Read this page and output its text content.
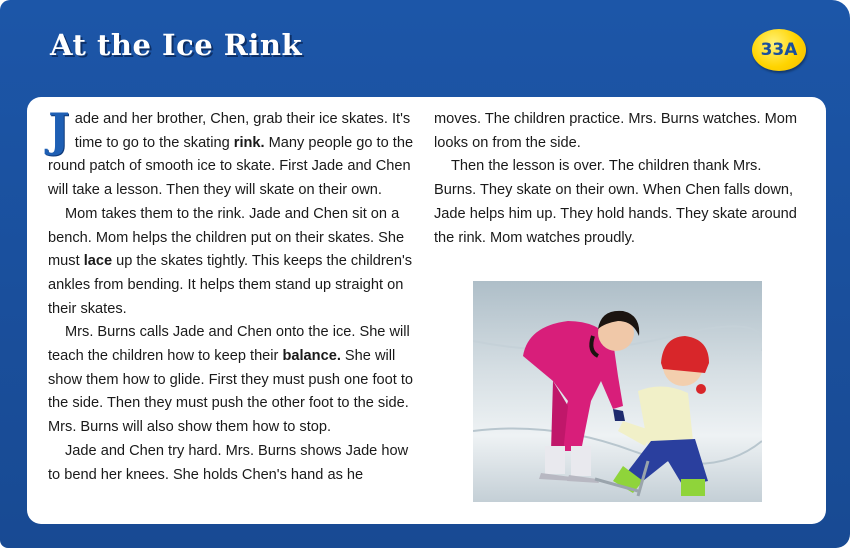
At the Ice Rink	33A

Jade and her brother, Chen, grab their ice skates. It's time to go to the skating rink. Many people go to the round patch of smooth ice to skate. First Jade and Chen will take a lesson. Then they will skate on their own.

Mom takes them to the rink. Jade and Chen sit on a bench. Mom helps the children put on their skates. She must lace up the skates tightly. This keeps the children's ankles from bending. It helps them stand up straight on their skates.

Mrs. Burns calls Jade and Chen onto the ice. She will teach the children how to keep their balance. She will show them how to glide. First they must push one foot to the side. Then they must push the other foot to the side. Mrs. Burns will also show them how to stop.

Jade and Chen try hard. Mrs. Burns shows Jade how to bend her knees. She holds Chen's hand as he

moves. The children practice. Mrs. Burns watches. Mom looks on from the side.

Then the lesson is over. The children thank Mrs. Burns. They skate on their own. When Chen falls down, Jade helps him up. They hold hands. They skate around the rink. Mom watches proudly.
